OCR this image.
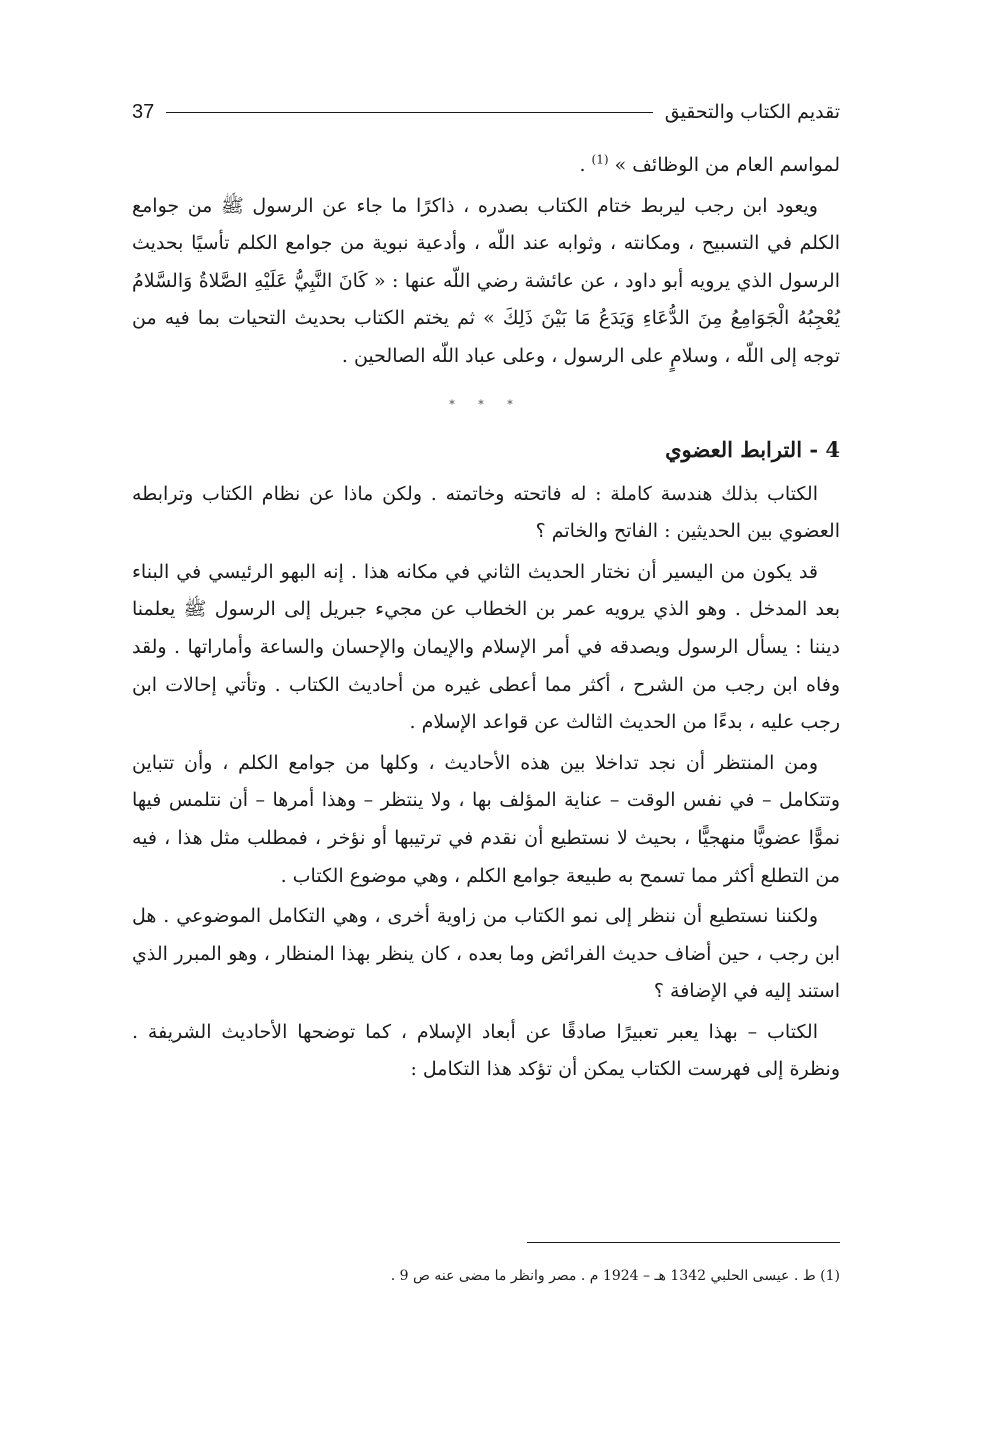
تقديم الكتاب والتحقيق
37

لمواسم العام من الوظائف » $^{(1)}$ .

ويعود ابن رجب ليربط ختام الكتاب بصدره ، ذاكرًا ما جاء عن الرسول ﷺ من جوامع الكلم في التسبيح ، ومكانته ، وثوابه عند اللّه ، وأدعية نبوية من جوامع الكلم تأسيًا بحديث الرسول الذي يرويه أبو داود ، عن عائشة رضي اللّه عنها : « كَانَ النَّبِيُّ عَلَيْهِ الصَّلاةُ وَالسَّلامُ يُعْجِبُهُ الْجَوَامِعُ مِنَ الدُّعَاءِ وَيَدَعُ مَا بَيْنَ ذَلِكَ » ثم يختم الكتاب بحديث التحيات بما فيه من توجه إلى اللّه ، وسلامٍ على الرسول ، وعلى عباد اللّه الصالحين .

* * *
4 - الترابط العضوي

الكتاب بذلك هندسة كاملة : له فاتحته وخاتمته . ولكن ماذا عن نظام الكتاب وترابطه العضوي بين الحديثين : الفاتح والخاتم ؟

قد يكون من اليسير أن نختار الحديث الثاني في مكانه هذا . إنه البهو الرئيسي في البناء بعد المدخل . وهو الذي يرويه عمر بن الخطاب عن مجيء جبريل إلى الرسول ﷺ يعلمنا ديننا : يسأل الرسول ويصدقه في أمر الإسلام والإيمان والإحسان والساعة وأماراتها . ولقد وفاه ابن رجب من الشرح ، أكثر مما أعطى غيره من أحاديث الكتاب . وتأتي إحالات ابن رجب عليه ، بدءًا من الحديث الثالث عن قواعد الإسلام .

ومن المنتظر أن نجد تداخلا بين هذه الأحاديث ، وكلها من جوامع الكلم ، وأن تتباين وتتكامل – في نفس الوقت – عناية المؤلف بها ، ولا ينتظر – وهذا أمرها – أن نتلمس فيها نموًّا عضويًّا منهجيًّا ، بحيث لا نستطيع أن نقدم في ترتيبها أو نؤخر ، فمطلب مثل هذا ، فيه من التطلع أكثر مما تسمح به طبيعة جوامع الكلم ، وهي موضوع الكتاب .

ولكننا نستطيع أن ننظر إلى نمو الكتاب من زاوية أخرى ، وهي التكامل الموضوعي . هل ابن رجب ، حين أضاف حديث الفرائض وما بعده ، كان ينظر بهذا المنظار ، وهو المبرر الذي استند إليه في الإضافة ؟

الكتاب – بهذا يعبر تعبيرًا صادقًا عن أبعاد الإسلام ، كما توضحها الأحاديث الشريفة . ونظرة إلى فهرست الكتاب يمكن أن تؤكد هذا التكامل :

(1) ط . عيسى الحلبي 1342 هـ – 1924 م . مصر وانظر ما مضى عنه ص 9 .
